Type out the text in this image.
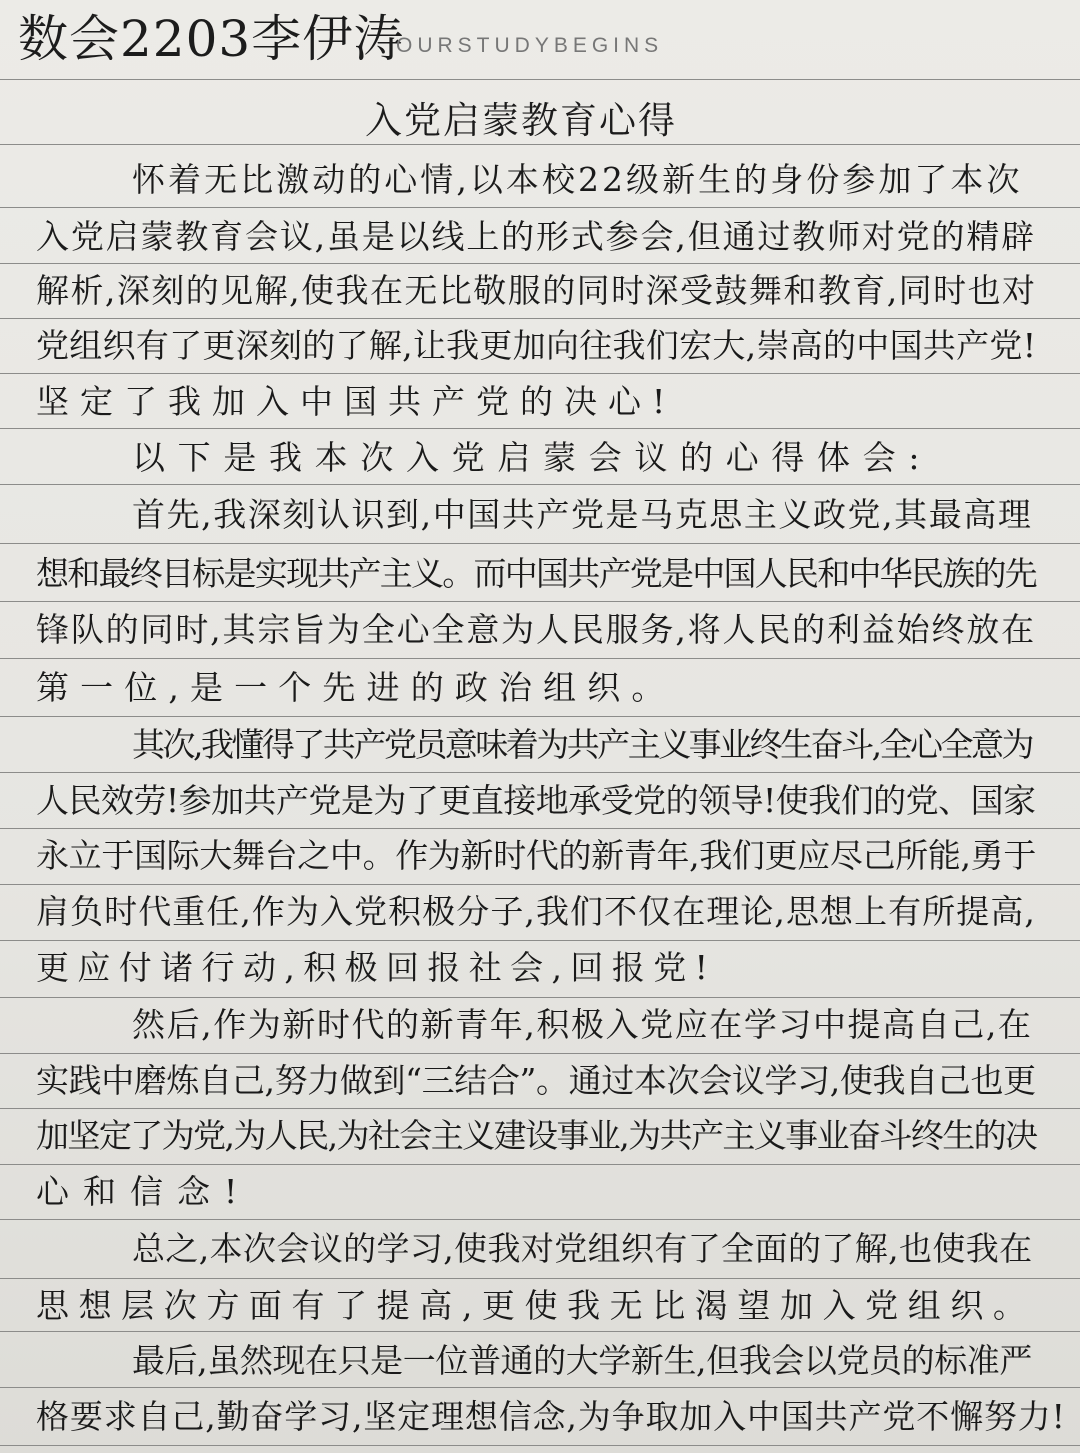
数会2203李伊涛
OURSTUDYBEGINS
入党启蒙教育心得
怀着无比激动的心情,以本校22级新生的身份参加了本次
入党启蒙教育会议,虽是以线上的形式参会,但通过教师对党的精辟
解析,深刻的见解,使我在无比敬服的同时深受鼓舞和教育,同时也对
党组织有了更深刻的了解,让我更加向往我们宏大,崇高的中国共产党!
坚定了我加入中国共产党的决心!
以下是我本次入党启蒙会议的心得体会:
首先,我深刻认识到,中国共产党是马克思主义政党,其最高理
想和最终目标是实现共产主义。而中国共产党是中国人民和中华民族的先
锋队的同时,其宗旨为全心全意为人民服务,将人民的利益始终放在
第一位,是一个先进的政治组织。
其次,我懂得了共产党员意味着为共产主义事业终生奋斗,全心全意为
人民效劳!参加共产党是为了更直接地承受党的领导!使我们的党、国家
永立于国际大舞台之中。作为新时代的新青年,我们更应尽己所能,勇于
肩负时代重任,作为入党积极分子,我们不仅在理论,思想上有所提高,
更应付诸行动,积极回报社会,回报党!
然后,作为新时代的新青年,积极入党应在学习中提高自己,在
实践中磨炼自己,努力做到“三结合”。通过本次会议学习,使我自己也更
加坚定了为党,为人民,为社会主义建设事业,为共产主义事业奋斗终生的决
心和信念!
总之,本次会议的学习,使我对党组织有了全面的了解,也使我在
思想层次方面有了提高,更使我无比渴望加入党组织。
最后,虽然现在只是一位普通的大学新生,但我会以党员的标准严
格要求自己,勤奋学习,坚定理想信念,为争取加入中国共产党不懈努力!
